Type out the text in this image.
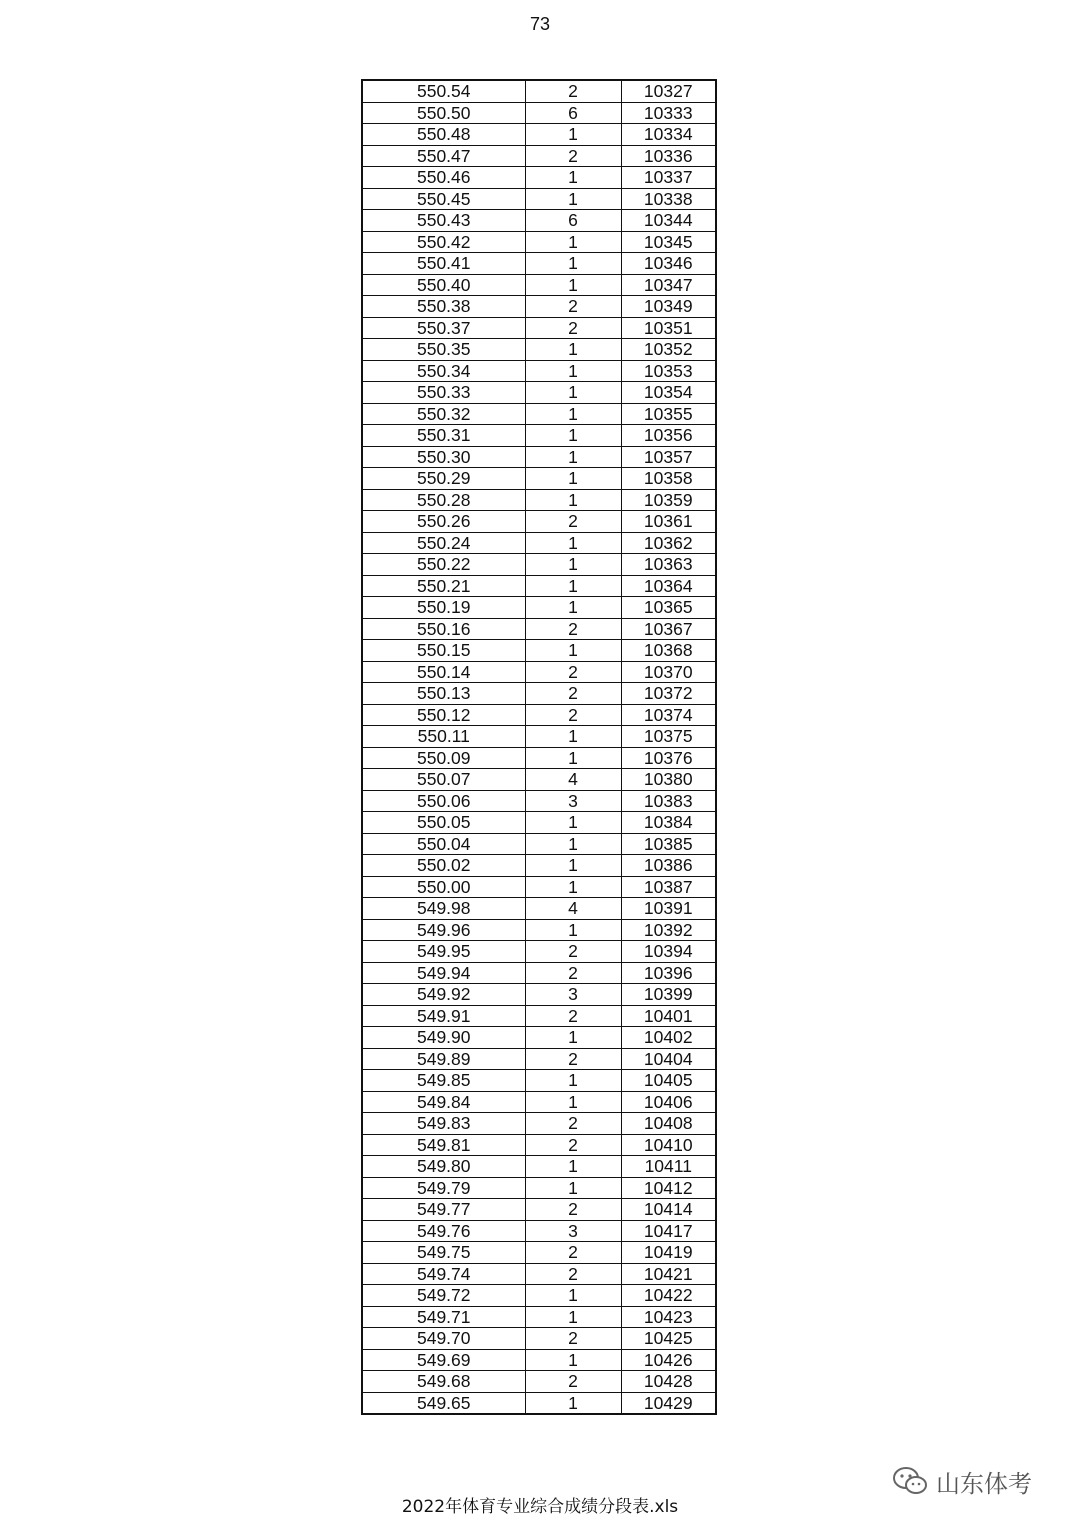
73
550.54	2	10327
550.50	6	10333
550.48	1	10334
550.47	2	10336
550.46	1	10337
550.45	1	10338
550.43	6	10344
550.42	1	10345
550.41	1	10346
550.40	1	10347
550.38	2	10349
550.37	2	10351
550.35	1	10352
550.34	1	10353
550.33	1	10354
550.32	1	10355
550.31	1	10356
550.30	1	10357
550.29	1	10358
550.28	1	10359
550.26	2	10361
550.24	1	10362
550.22	1	10363
550.21	1	10364
550.19	1	10365
550.16	2	10367
550.15	1	10368
550.14	2	10370
550.13	2	10372
550.12	2	10374
550.11	1	10375
550.09	1	10376
550.07	4	10380
550.06	3	10383
550.05	1	10384
550.04	1	10385
550.02	1	10386
550.00	1	10387
549.98	4	10391
549.96	1	10392
549.95	2	10394
549.94	2	10396
549.92	3	10399
549.91	2	10401
549.90	1	10402
549.89	2	10404
549.85	1	10405
549.84	1	10406
549.83	2	10408
549.81	2	10410
549.80	1	10411
549.79	1	10412
549.77	2	10414
549.76	3	10417
549.75	2	10419
549.74	2	10421
549.72	1	10422
549.71	1	10423
549.70	2	10425
549.69	1	10426
549.68	2	10428
549.65	1	10429
山东体考
2022年体育专业综合成绩分段表.xls
